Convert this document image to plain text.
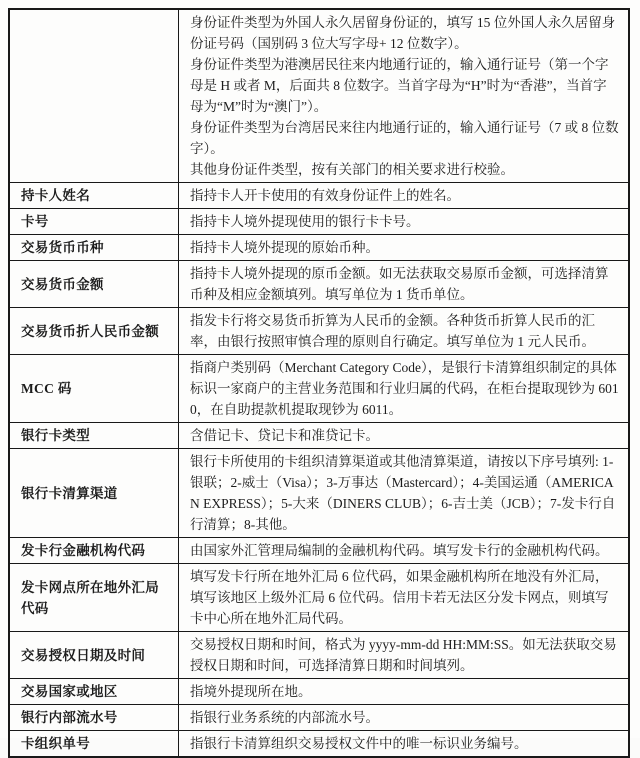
	身份证件类型为外国人永久居留身份证的，填写 15 位外国人永久居留身份证号码（国别码 3 位大写字母+ 12 位数字）。
身份证件类型为港澳居民往来内地通行证的，输入通行证号（第一个字母是 H 或者 M，后面共 8 位数字。当首字母为“H”时为“香港”，当首字母为“M”时为“澳门”）。
身份证件类型为台湾居民来往内地通行证的，输入通行证号（7 或 8 位数字）。
其他身份证件类型，按有关部门的相关要求进行校验。

持卡人姓名	指持卡人开卡使用的有效身份证件上的姓名。

卡号	指持卡人境外提现使用的银行卡卡号。

交易货币币种	指持卡人境外提现的原始币种。

交易货币金额	指持卡人境外提现的原币金额。如无法获取交易原币金额，可选择清算币种及相应金额填列。填写单位为 1 货币单位。

交易货币折人民币金额	指发卡行将交易货币折算为人民币的金额。各种货币折算人民币的汇率，由银行按照审慎合理的原则自行确定。填写单位为 1 元人民币。

MCC 码	指商户类别码（Merchant Category Code），是银行卡清算组织制定的具体标识一家商户的主营业务范围和行业归属的代码，在柜台提取现钞为 6010，在自助提款机提取现钞为 6011。

银行卡类型	含借记卡、贷记卡和准贷记卡。

银行卡清算渠道	银行卡所使用的卡组织清算渠道或其他清算渠道，请按以下序号填列: 1-银联；2-威士（Visa）；3-万事达（Mastercard）；4-美国运通（AMERICAN EXPRESS）；5-大来（DINERS CLUB）；6-吉士美（JCB）；7-发卡行自行清算；8-其他。

发卡行金融机构代码	由国家外汇管理局编制的金融机构代码。填写发卡行的金融机构代码。

发卡网点所在地外汇局代码	填写发卡行所在地外汇局 6 位代码，如果金融机构所在地没有外汇局，填写该地区上级外汇局 6 位代码。信用卡若无法区分发卡网点，则填写卡中心所在地外汇局代码。

交易授权日期及时间	交易授权日期和时间，格式为 yyyy-mm-dd HH:MM:SS。如无法获取交易授权日期和时间，可选择清算日期和时间填列。

交易国家或地区	指境外提现所在地。

银行内部流水号	指银行业务系统的内部流水号。

卡组织单号	指银行卡清算组织交易授权文件中的唯一标识业务编号。
